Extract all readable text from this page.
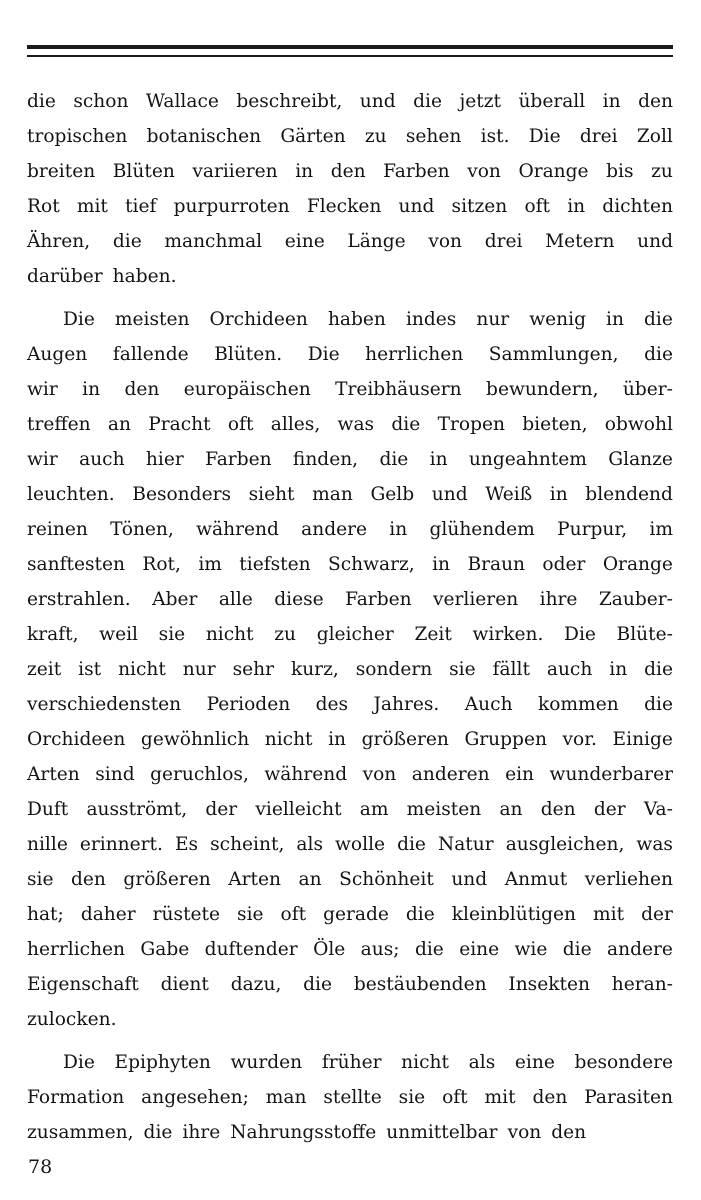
die schon Wallace beschreibt, und die jetzt überall in den
tropischen botanischen Gärten zu sehen ist. Die drei Zoll
breiten Blüten variieren in den Farben von Orange bis zu
Rot mit tief purpurroten Flecken und sitzen oft in dichten
Ähren, die manchmal eine Länge von drei Metern und
darüber haben.
Die meisten Orchideen haben indes nur wenig in die
Augen fallende Blüten. Die herrlichen Sammlungen, die
wir in den europäischen Treibhäusern bewundern, über-
treffen an Pracht oft alles, was die Tropen bieten, obwohl
wir auch hier Farben finden, die in ungeahntem Glanze
leuchten. Besonders sieht man Gelb und Weiß in blendend
reinen Tönen, während andere in glühendem Purpur, im
sanftesten Rot, im tiefsten Schwarz, in Braun oder Orange
erstrahlen. Aber alle diese Farben verlieren ihre Zauber-
kraft, weil sie nicht zu gleicher Zeit wirken. Die Blüte-
zeit ist nicht nur sehr kurz, sondern sie fällt auch in die
verschiedensten Perioden des Jahres. Auch kommen die
Orchideen gewöhnlich nicht in größeren Gruppen vor. Einige
Arten sind geruchlos, während von anderen ein wunderbarer
Duft ausströmt, der vielleicht am meisten an den der Va-
nille erinnert. Es scheint, als wolle die Natur ausgleichen, was
sie den größeren Arten an Schönheit und Anmut verliehen
hat; daher rüstete sie oft gerade die kleinblütigen mit der
herrlichen Gabe duftender Öle aus; die eine wie die andere
Eigenschaft dient dazu, die bestäubenden Insekten heran-
zulocken.
Die Epiphyten wurden früher nicht als eine besondere
Formation angesehen; man stellte sie oft mit den Parasiten
zusammen, die ihre Nahrungsstoffe unmittelbar von den
78
